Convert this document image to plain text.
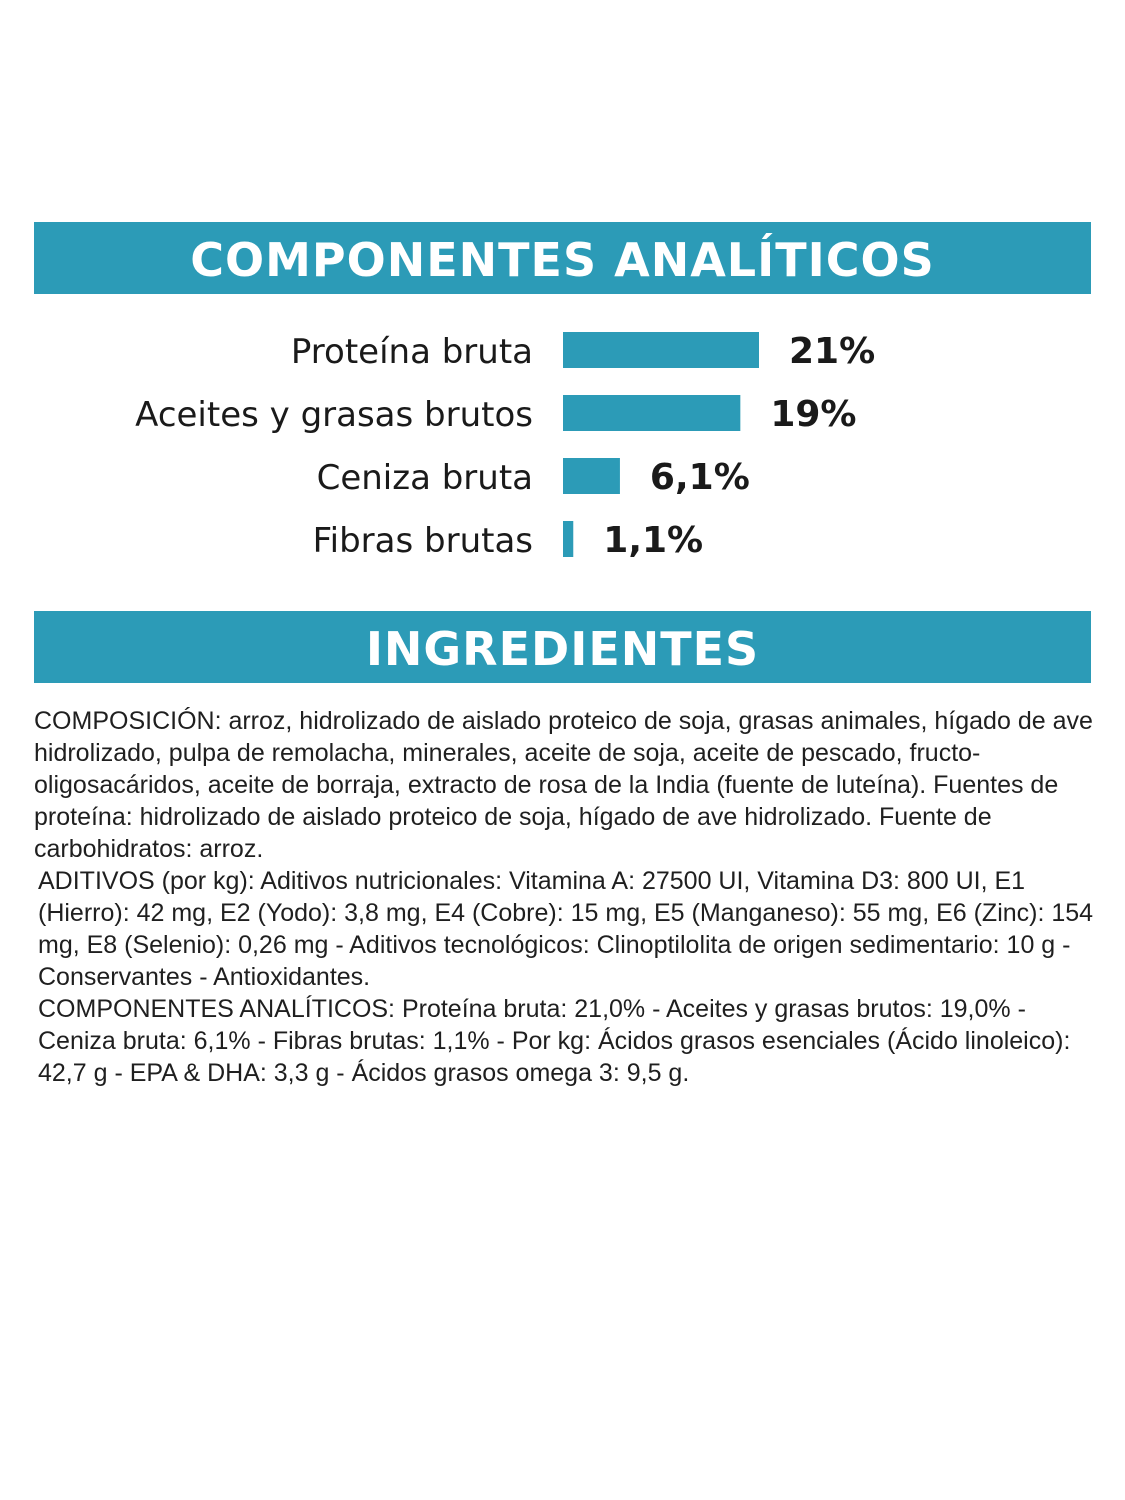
COMPONENTES ANALÍTICOS
Proteína bruta	21%
Aceites y grasas brutos	19%
Ceniza bruta	6,1%
Fibras brutas 1,1%
INGREDIENTES

COMPOSICIÓN: arroz, hidrolizado de aislado proteico de soja, grasas animales, hígado de ave hidrolizado, pulpa de remolacha, minerales, aceite de soja, aceite de pescado, fructo-oligosacáridos, aceite de borraja, extracto de rosa de la India (fuente de luteína). Fuentes de proteína: hidrolizado de aislado proteico de soja, hígado de ave hidrolizado. Fuente de carbohidratos: arroz.

ADITIVOS (por kg): Aditivos nutricionales: Vitamina A: 27500 UI, Vitamina D3: 800 UI, E1 (Hierro): 42 mg, E2 (Yodo): 3,8 mg, E4 (Cobre): 15 mg, E5 (Manganeso): 55 mg, E6 (Zinc): 154 mg, E8 (Selenio): 0,26 mg - Aditivos tecnológicos: Clinoptilolita de origen sedimentario: 10 g - Conservantes - Antioxidantes.

COMPONENTES ANALÍTICOS: Proteína bruta: 21,0% - Aceites y grasas brutos: 19,0% - Ceniza bruta: 6,1% - Fibras brutas: 1,1% - Por kg: Ácidos grasos esenciales (Ácido linoleico): 42,7 g - EPA & DHA: 3,3 g - Ácidos grasos omega 3: 9,5 g.
